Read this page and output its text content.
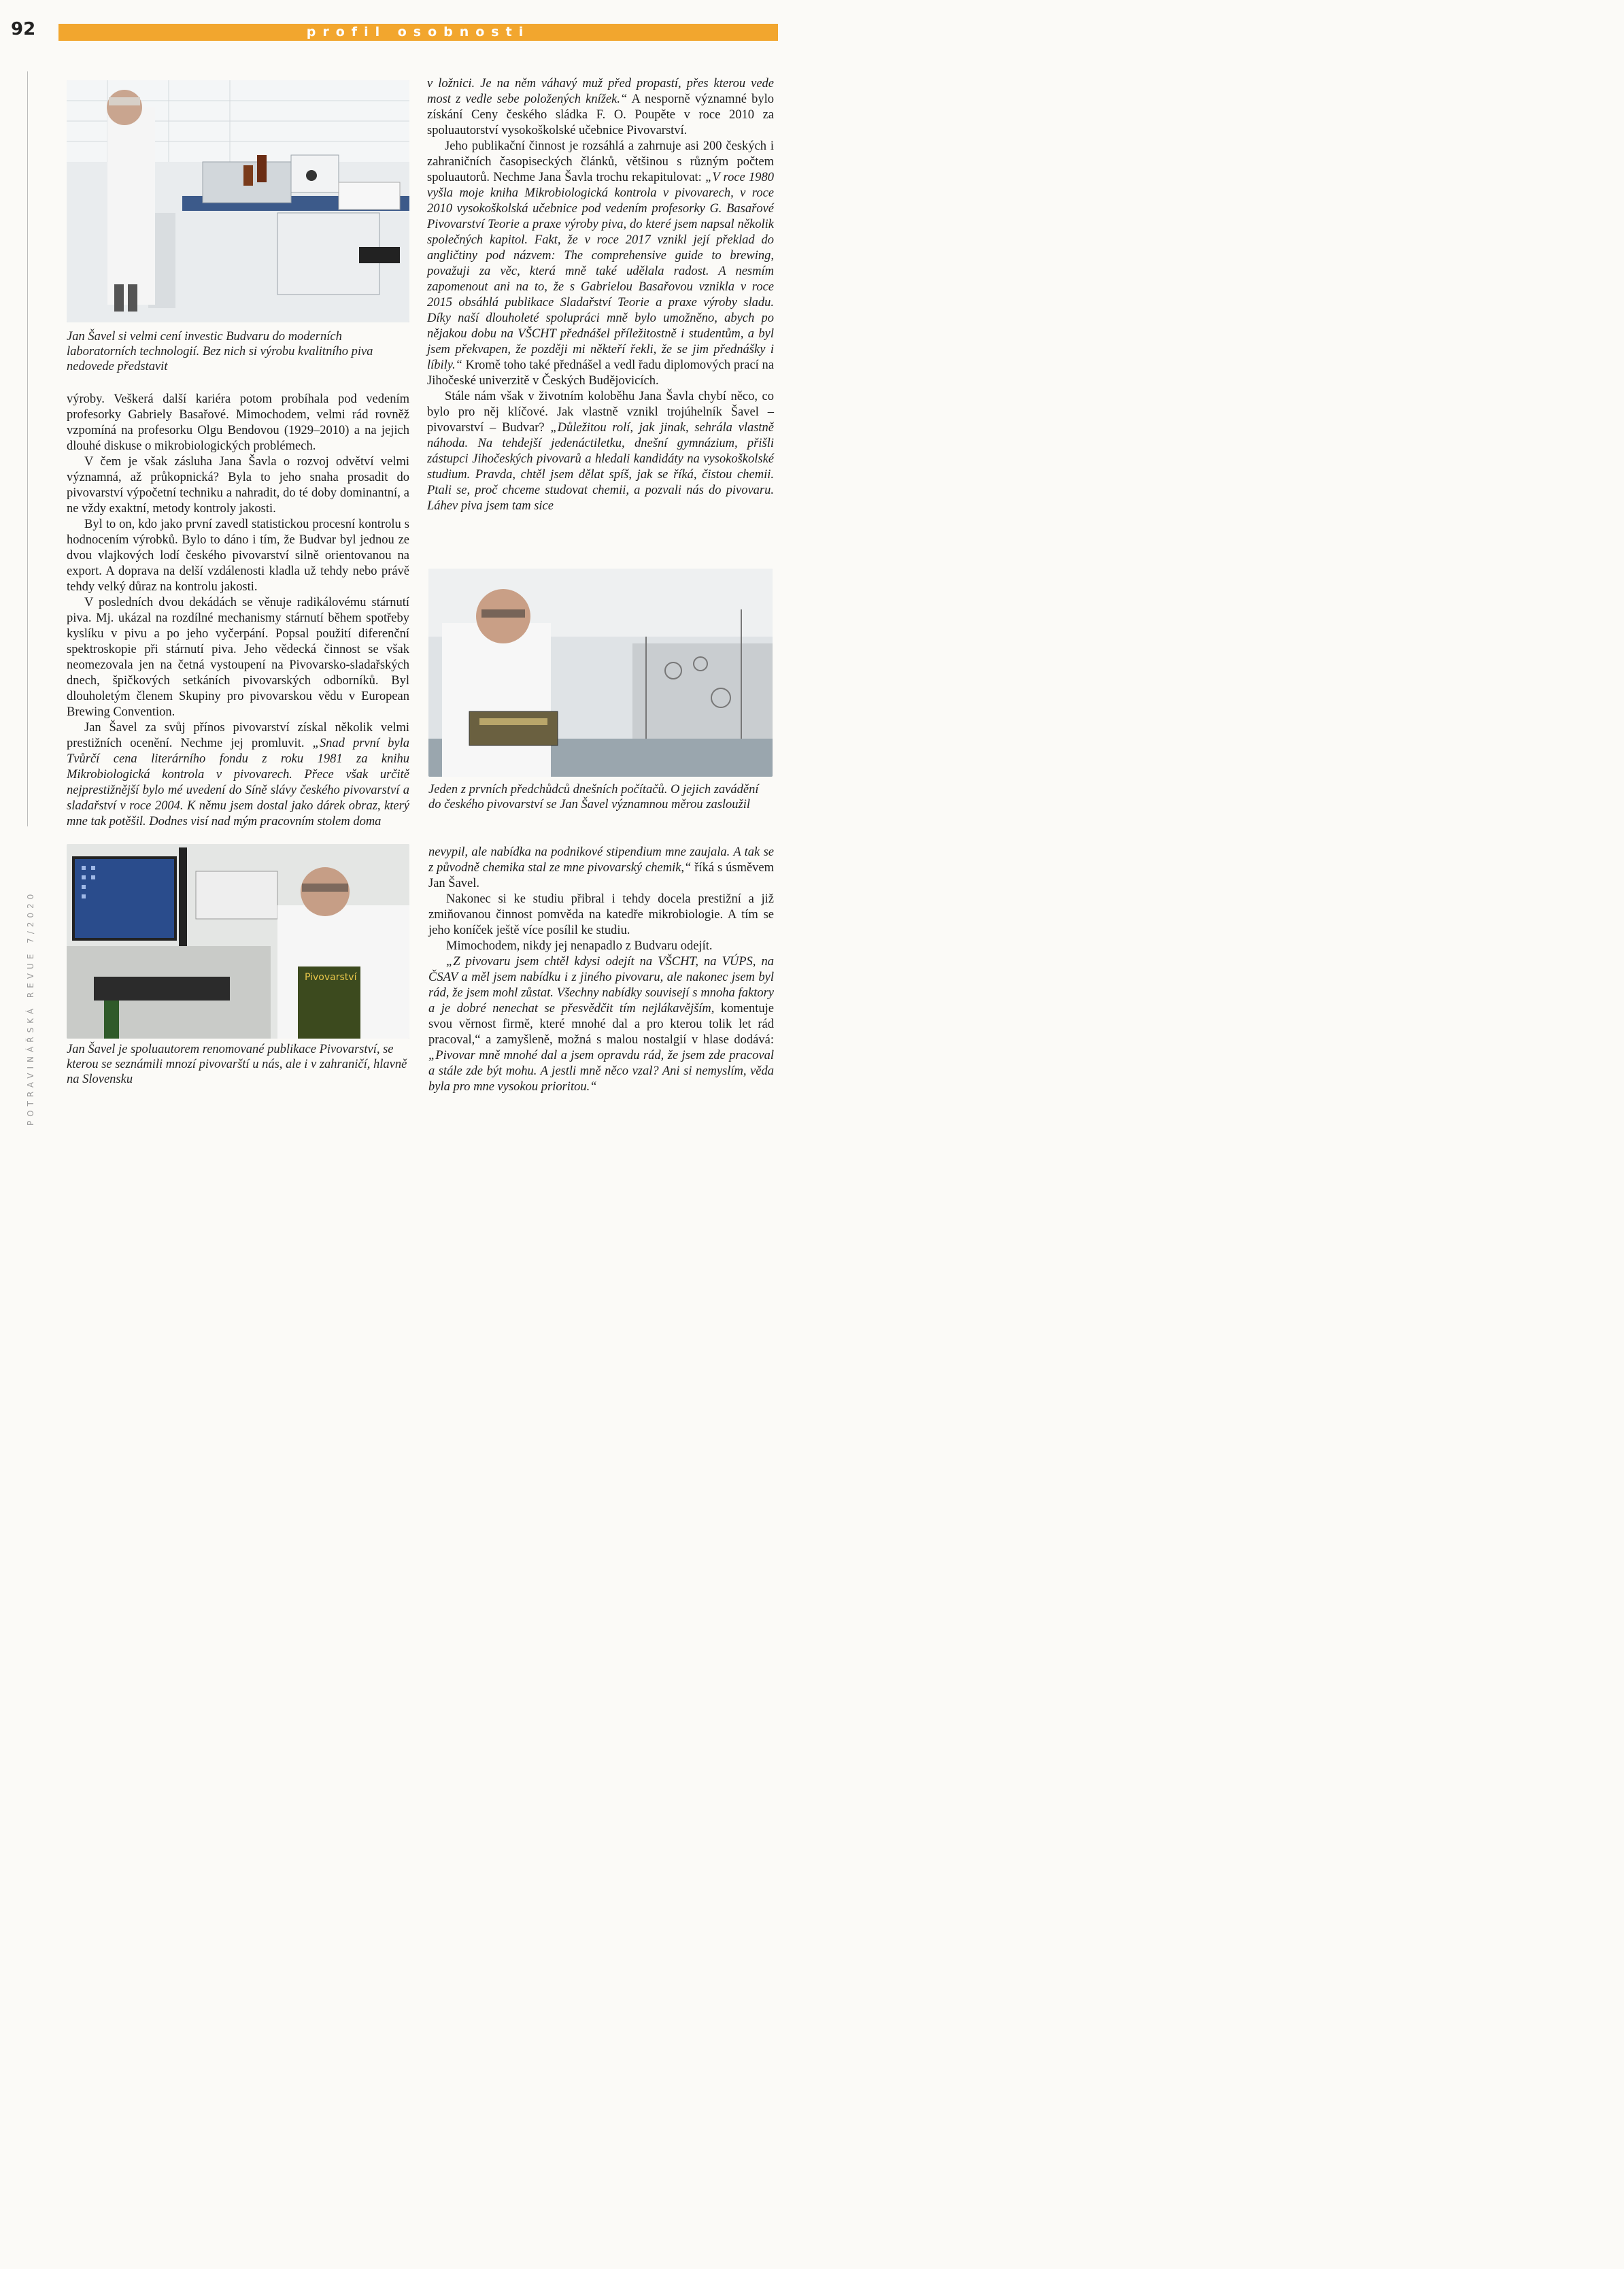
92	profil osobnosti
POTRAVINÁŘSKÁ REVUE 7/2020
Jan Šavel si velmi cení investic Budvaru do moderních laboratorních technologií. Bez nich si výrobu kvalitního piva nedovede představit

výroby. Veškerá další kariéra potom probíhala pod vedením profesorky Gabriely Basařové. Mimochodem, velmi rád rovněž vzpomíná na profesorku Olgu Bendovou (1929–2010) a na jejich dlouhé diskuse o mikrobiologických problémech.

V čem je však zásluha Jana Šavla o rozvoj odvětví velmi významná, až průkopnická? Byla to jeho snaha prosadit do pivovarství výpočetní techniku a nahradit, do té doby dominantní, a ne vždy exaktní, metody kontroly jakosti.

Byl to on, kdo jako první zavedl statistickou procesní kontrolu s hodnocením výrobků. Bylo to dáno i tím, že Budvar byl jednou ze dvou vlajkových lodí českého pivovarství silně orientovanou na export. A doprava na delší vzdálenosti kladla už tehdy nebo právě tehdy velký důraz na kontrolu jakosti.

V posledních dvou dekádách se věnuje radikálovému stárnutí piva. Mj. ukázal na rozdílné mechanismy stárnutí během spotřeby kyslíku v pivu a po jeho vyčerpání. Popsal použití diferenční spektroskopie při stárnutí piva. Jeho vědecká činnost se však neomezovala jen na četná vystoupení na Pivovarsko-sladařských dnech, špičkových setkáních pivovarských odborníků. Byl dlouholetým členem Skupiny pro pivovarskou vědu v European Brewing Convention.

Jan Šavel za svůj přínos pivovarství získal několik velmi prestižních ocenění. Nechme jej promluvit. „Snad první byla Tvůrčí cena literárního fondu z roku 1981 za knihu Mikrobiologická kontrola v pivovarech. Přece však určitě nejprestižnější bylo mé uvedení do Síně slávy českého pivovarství a sladařství v roce 2004. K němu jsem dostal jako dárek obraz, který mne tak potěšil. Dodnes visí nad mým pracovním stolem doma

Pivovarství
Jan Šavel je spoluautorem renomované publikace Pivovarství, se kterou se seznámili mnozí pivovarští u nás, ale i v zahraničí, hlavně na Slovensku

v ložnici. Je na něm váhavý muž před propastí, přes kterou vede most z vedle sebe položených knížek.“ A nesporně významné bylo získání Ceny českého sládka F. O. Poupěte v roce 2010 za spoluautorství vysokoškolské učebnice Pivovarství.

Jeho publikační činnost je rozsáhlá a zahrnuje asi 200 českých i zahraničních časopiseckých článků, většinou s různým počtem spoluautorů. Nechme Jana Šavla trochu rekapitulovat: „V roce 1980 vyšla moje kniha Mikrobiologická kontrola v pivovarech, v roce 2010 vysokoškolská učebnice pod vedením profesorky G. Basařové Pivovarství Teorie a praxe výroby piva, do které jsem napsal několik společných kapitol. Fakt, že v roce 2017 vznikl její překlad do angličtiny pod názvem: The comprehensive guide to brewing, považuji za věc, která mně také udělala radost. A nesmím zapomenout ani na to, že s Gabrielou Basařovou vznikla v roce 2015 obsáhlá publikace Sladařství Teorie a praxe výroby sladu. Díky naší dlouholeté spolupráci mně bylo umožněno, abych po nějakou dobu na VŠCHT přednášel příležitostně i studentům, a byl jsem překvapen, že později mi někteří řekli, že se jim přednášky i líbily.“ Kromě toho také přednášel a vedl řadu diplomových prací na Jihočeské univerzitě v Českých Budějovicích.

Stále nám však v životním koloběhu Jana Šavla chybí něco, co bylo pro něj klíčové. Jak vlastně vznikl trojúhelník Šavel – pivovarství – Budvar? „Důležitou rolí, jak jinak, sehrála vlastně náhoda. Na tehdejší jedenáctiletku, dnešní gymnázium, přišli zástupci Jihočeských pivovarů a hledali kandidáty na vysokoškolské studium. Pravda, chtěl jsem dělat spíš, jak se říká, čistou chemii. Ptali se, proč chceme studovat chemii, a pozvali nás do pivovaru. Láhev piva jsem tam sice

Jeden z prvních předchůdců dnešních počítačů. O jejich zavádění do českého pivovarství se Jan Šavel významnou měrou zasloužil

nevypil, ale nabídka na podnikové stipendium mne zaujala. A tak se z původně chemika stal ze mne pivovarský chemik,“ říká s úsměvem Jan Šavel.

Nakonec si ke studiu přibral i tehdy docela prestižní a již zmiňovanou činnost pomvěda na katedře mikrobiologie. A tím se jeho koníček ještě více posílil ke studiu.

Mimochodem, nikdy jej nenapadlo z Budvaru odejít.

„Z pivovaru jsem chtěl kdysi odejít na VŠCHT, na VÚPS, na ČSAV a měl jsem nabídku i z jiného pivovaru, ale nakonec jsem byl rád, že jsem mohl zůstat. Všechny nabídky souvisejí s mnoha faktory a je dobré nenechat se přesvědčit tím nejlákavějším, komentuje svou věrnost firmě, které mnohé dal a pro kterou tolik let rád pracoval,“ a zamyšleně, možná s malou nostalgií v hlase dodává: „Pivovar mně mnohé dal a jsem opravdu rád, že jsem zde pracoval a stále zde být mohu. A jestli mně něco vzal? Ani si nemyslím, věda byla pro mne vysokou prioritou.“
